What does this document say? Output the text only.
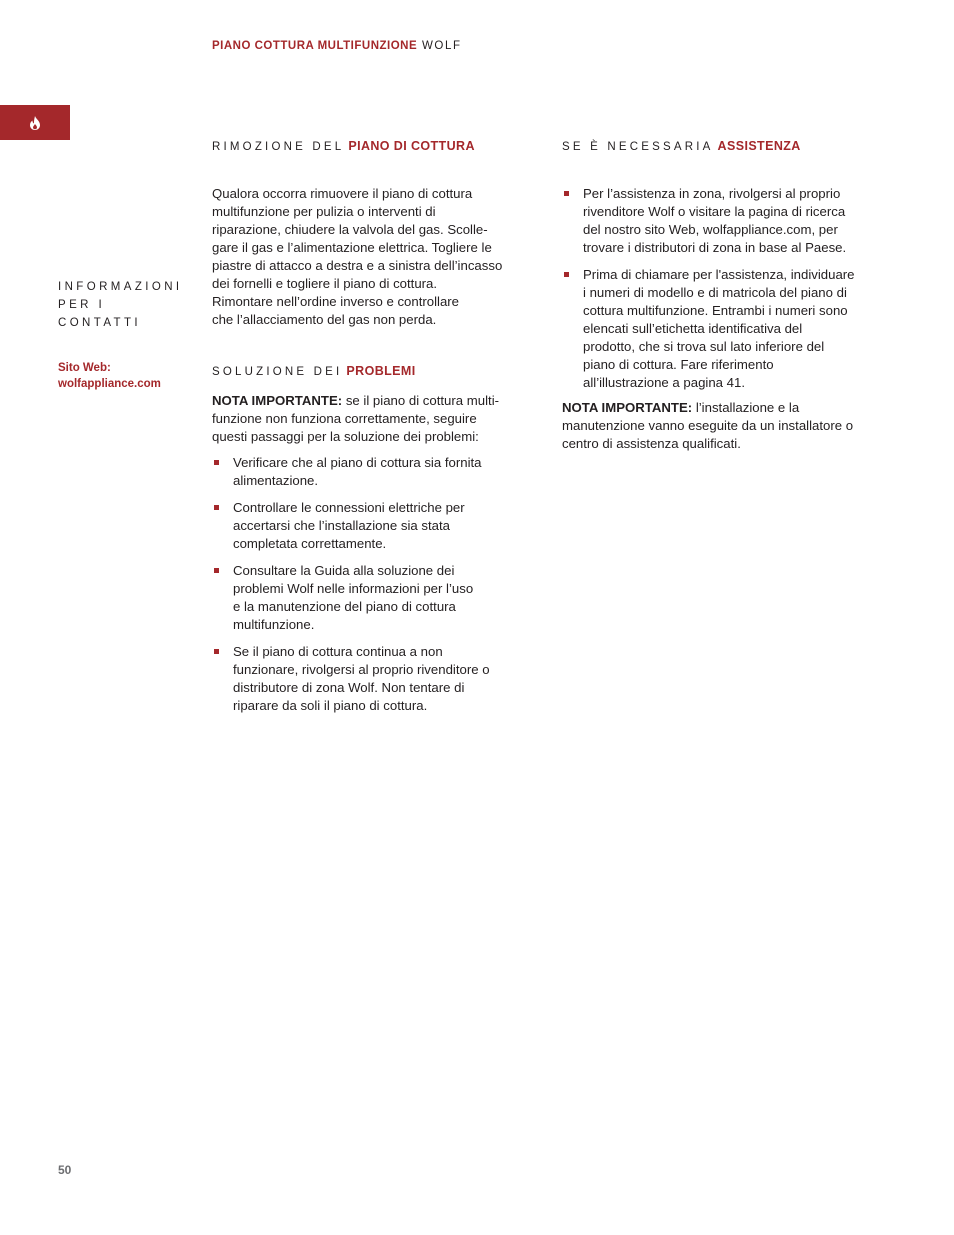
PIANO COTTURA MULTIFUNZIONE WOLF
INFORMAZIONI
PER I
CONTATTI
Sito Web:
wolfappliance.com
RIMOZIONE DEL PIANO DI COTTURA
Qualora occorra rimuovere il piano di cottura
multifunzione per pulizia o interventi di
riparazione, chiudere la valvola del gas. Scolle-
gare il gas e l’alimentazione elettrica. Togliere le
piastre di attacco a destra e a sinistra dell’incasso
dei fornelli e togliere il piano di cottura.
Rimontare nell’ordine inverso e controllare
che l’allacciamento del gas non perda.
SOLUZIONE DEI PROBLEMI
NOTA IMPORTANTE: se il piano di cottura multi-
funzione non funziona correttamente, seguire
questi passaggi per la soluzione dei problemi:
Verificare che al piano di cottura sia fornita
alimentazione.
Controllare le connessioni elettriche per
accertarsi che l’installazione sia stata
completata correttamente.
Consultare la Guida alla soluzione dei
problemi Wolf nelle informazioni per l’uso
e la manutenzione del piano di cottura
multifunzione.
Se il piano di cottura continua a non
funzionare, rivolgersi al proprio rivenditore o
distributore di zona Wolf. Non tentare di
riparare da soli il piano di cottura.
SE È NECESSARIA ASSISTENZA
Per l’assistenza in zona, rivolgersi al proprio
rivenditore Wolf o visitare la pagina di ricerca
del nostro sito Web, wolfappliance.com, per
trovare i distributori di zona in base al Paese.
Prima di chiamare per l'assistenza, individuare
i numeri di modello e di matricola del piano di
cottura multifunzione. Entrambi i numeri sono
elencati sull’etichetta identificativa del
prodotto, che si trova sul lato inferiore del
piano di cottura. Fare riferimento
all’illustrazione a pagina 41.
NOTA IMPORTANTE: l’installazione e la
manutenzione vanno eseguite da un installatore o
centro di assistenza qualificati.
50
